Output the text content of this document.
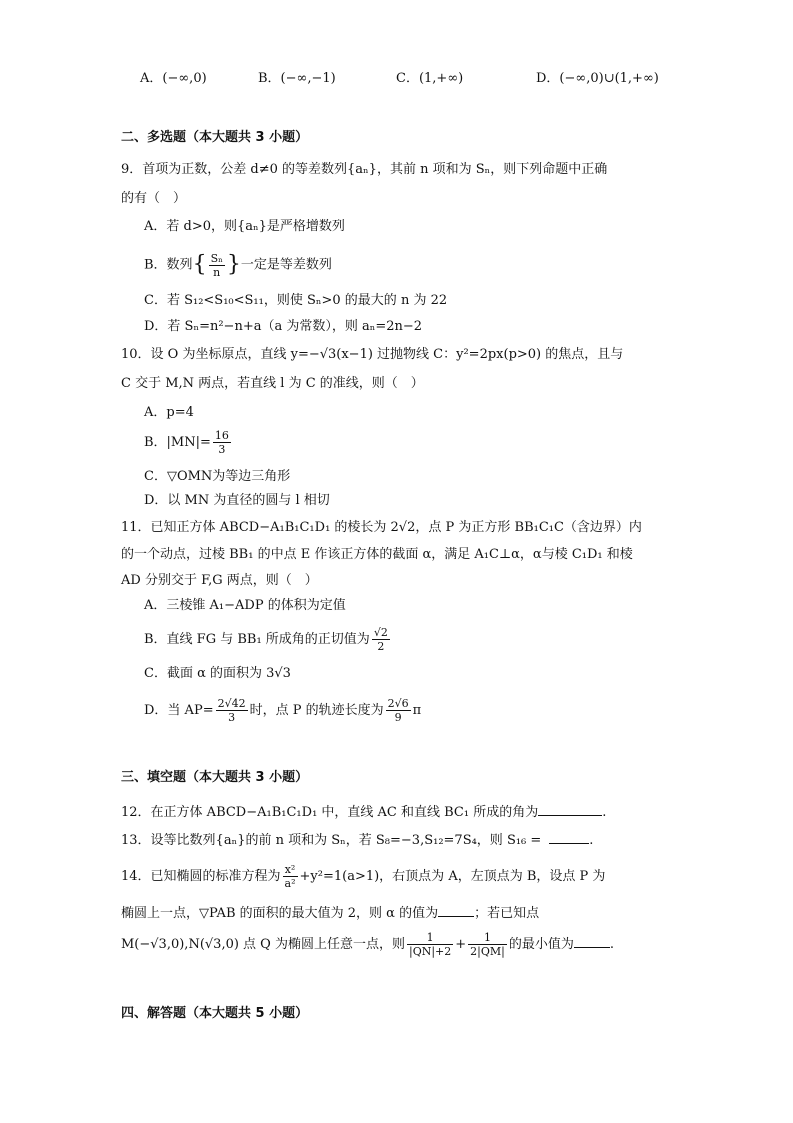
A．(−∞,0)	B．(−∞,−1)	C．(1,+∞)	D．(−∞,0)∪(1,+∞)
二、多选题（本大题共 3 小题）
9．首项为正数，公差 d≠0 的等差数列{aₙ}，其前 n 项和为 Sₙ，则下列命题中正确
的有（　）
A．若 d>0，则{aₙ}是严格增数列
B．数列{ $\frac{\text{Sₙ}}{n}$ }一定是等差数列
C．若 S₁₂<S₁₀<S₁₁，则使 Sₙ>0 的最大的 n 为 22
D．若 Sₙ=n²−n+a（a 为常数），则 aₙ=2n−2
10．设 O 为坐标原点，直线 y=−√3(x−1) 过抛物线 C：y²=2px(p>0) 的焦点，且与
C 交于 M,N 两点，若直线 l 为 C 的准线，则（　）
A．p=4
B．$|MN|= \frac{16}{3}$
C．▽OMN为等边三角形
D．以 MN 为直径的圆与 l 相切
11．已知正方体 ABCD−A₁B₁C₁D₁ 的棱长为 2√2，点 P 为正方形 BB₁C₁C（含边界）内
的一个动点，过棱 BB₁ 的中点 E 作该正方体的截面 α，满足 A₁C⊥α，α与棱 C₁D₁ 和棱
AD 分别交于 F,G 两点，则（　）
A．三棱锥 A₁−ADP 的体积为定值
B．直线 FG 与 BB₁ 所成角的正切值为 $\frac{√2}{2}$
C．截面 α 的面积为 3√3
D．当 $AP= \frac{2√42}{3}$ 时，点 P 的轨迹长度为 $\frac{2√6}{9}$ π
三、填空题（本大题共 3 小题）
12．在正方体 ABCD−A₁B₁C₁D₁ 中，直线 AC 和直线 BC₁ 所成的角为	.
13．设等比数列{aₙ}的前 n 项和为 Sₙ，若 S₈=−3,S₁₂=7S₄，则 S₁₆ =	.
14．已知椭圆的标准方程为 $\frac{\text{x²}}{\text{a²}} +y^2=1(a>1)$，右顶点为 A，左顶点为 B，设点 P 为
椭圆上一点，▽PAB 的面积的最大值为 2，则 α 的值为	；若已知点
M(−√3,0),N(√3,0) 点 Q 为椭圆上任意一点，则 $\frac{1}{|QN|+2} + \frac{1}{2|QM|}$ 的最小值为	.
四、解答题（本大题共 5 小题）
